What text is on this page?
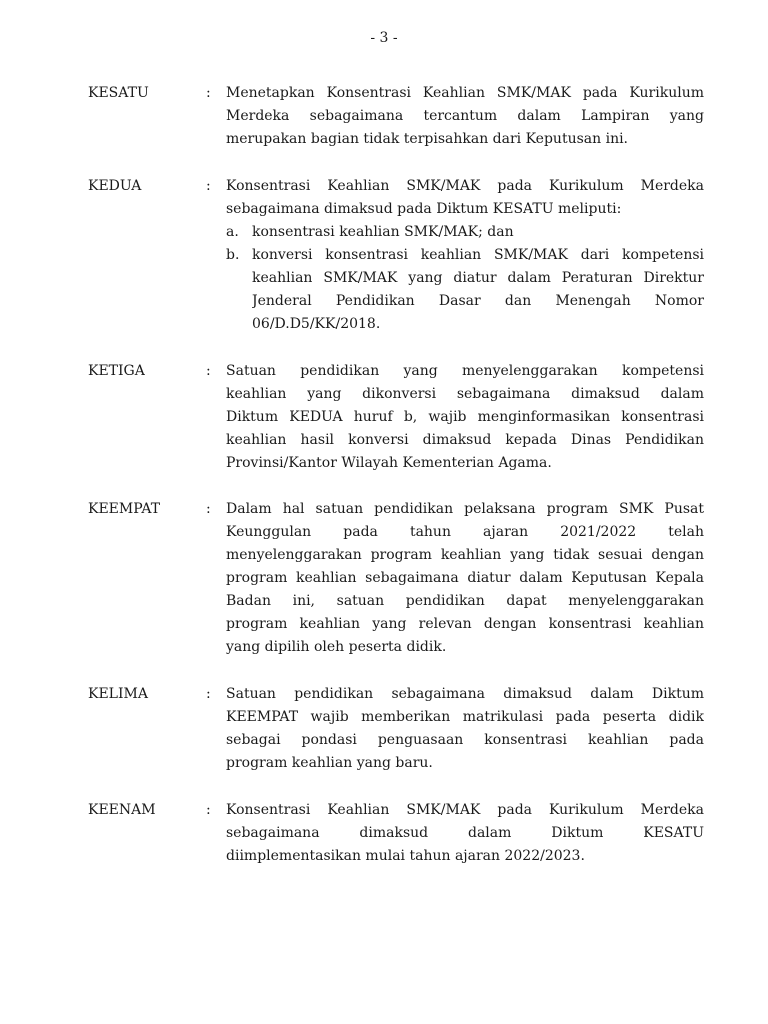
- 3 -
KESATU	: Menetapkan Konsentrasi Keahlian SMK/MAK pada Kurikulum
Merdeka sebagaimana tercantum dalam Lampiran yang
merupakan bagian tidak terpisahkan dari Keputusan ini.
KEDUA	: Konsentrasi Keahlian SMK/MAK pada Kurikulum Merdeka
sebagaimana dimaksud pada Diktum KESATU meliputi:
a. konsentrasi keahlian SMK/MAK; dan
b. konversi konsentrasi keahlian SMK/MAK dari kompetensi
keahlian SMK/MAK yang diatur dalam Peraturan Direktur
Jenderal Pendidikan Dasar dan Menengah Nomor
06/D.D5/KK/2018.
KETIGA	: Satuan pendidikan yang menyelenggarakan kompetensi
keahlian yang dikonversi sebagaimana dimaksud dalam
Diktum KEDUA huruf b, wajib menginformasikan konsentrasi
keahlian hasil konversi dimaksud kepada Dinas Pendidikan
Provinsi/Kantor Wilayah Kementerian Agama.
KEEMPAT	: Dalam hal satuan pendidikan pelaksana program SMK Pusat
Keunggulan pada tahun ajaran 2021/2022 telah
menyelenggarakan program keahlian yang tidak sesuai dengan
program keahlian sebagaimana diatur dalam Keputusan Kepala
Badan ini, satuan pendidikan dapat menyelenggarakan
program keahlian yang relevan dengan konsentrasi keahlian
yang dipilih oleh peserta didik.
KELIMA	: Satuan pendidikan sebagaimana dimaksud dalam Diktum
KEEMPAT wajib memberikan matrikulasi pada peserta didik
sebagai pondasi penguasaan konsentrasi keahlian pada
program keahlian yang baru.
KEENAM	: Konsentrasi Keahlian SMK/MAK pada Kurikulum Merdeka
sebagaimana dimaksud dalam Diktum KESATU
diimplementasikan mulai tahun ajaran 2022/2023.
